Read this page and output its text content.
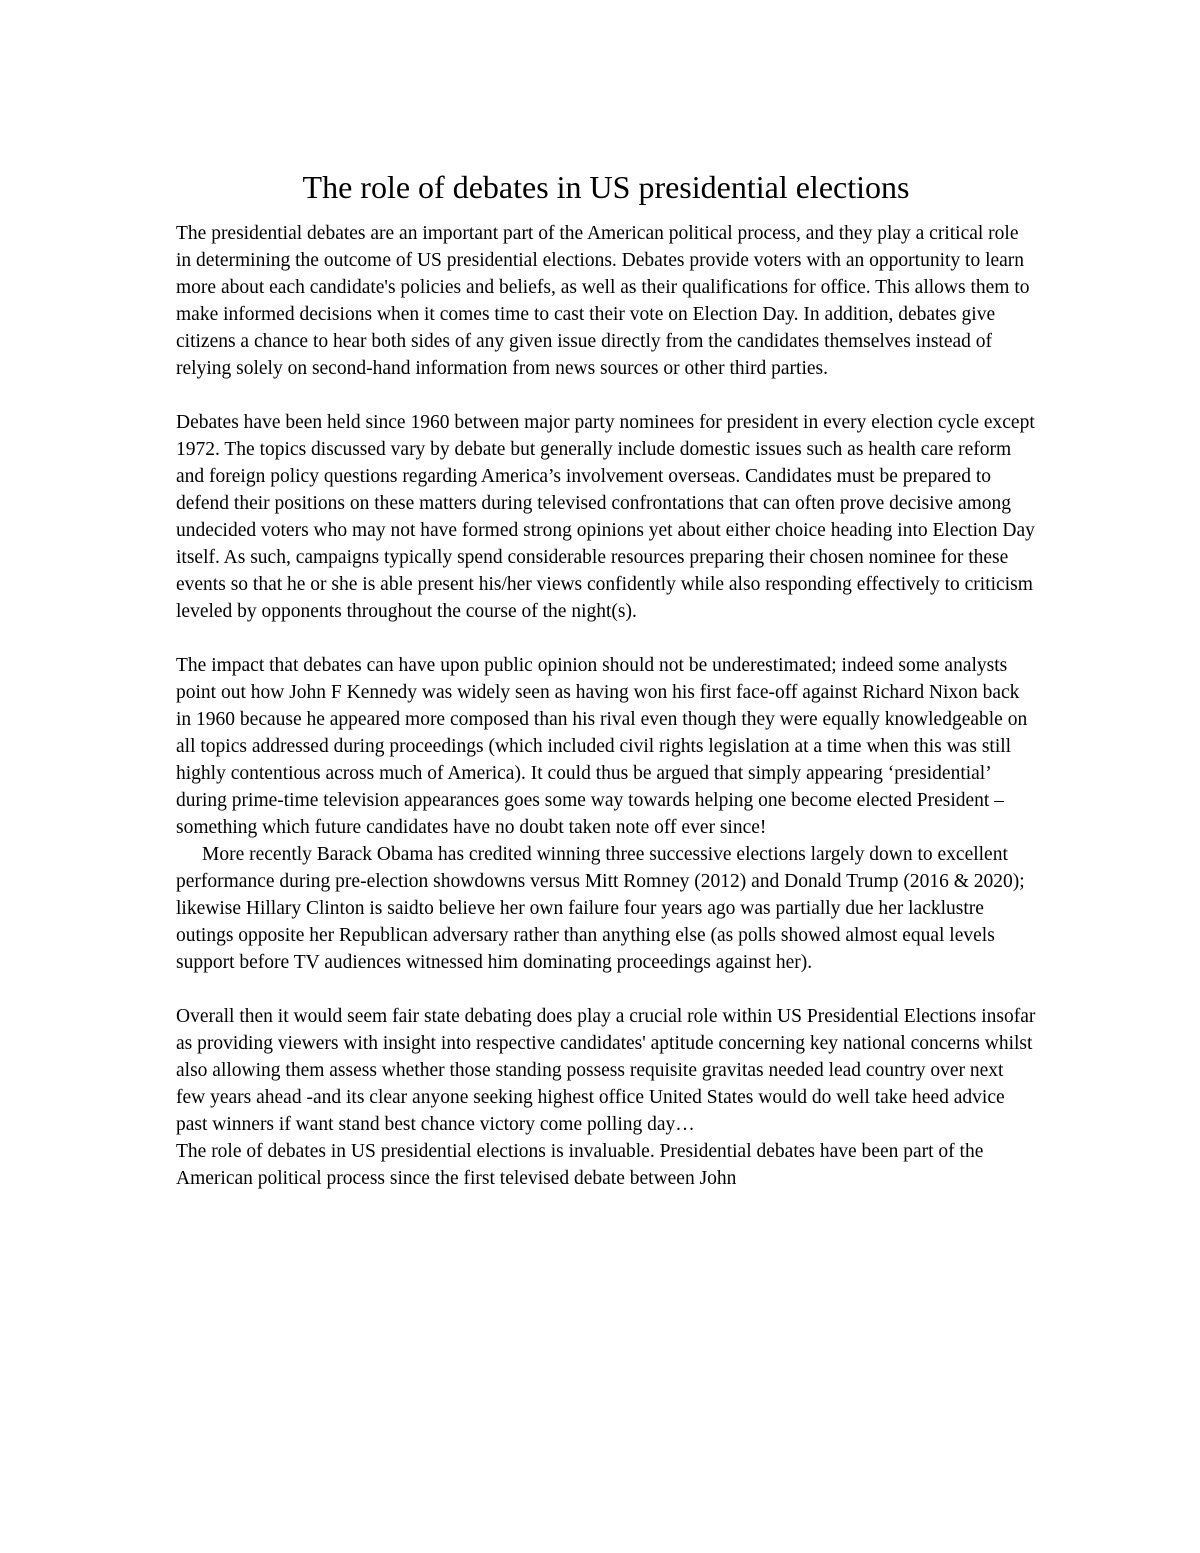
The role of debates in US presidential elections

The presidential debates are an important part of the American political process, and they play a critical role in determining the outcome of US presidential elections. Debates provide voters with an opportunity to learn more about each candidate's policies and beliefs, as well as their qualifications for office. This allows them to make informed decisions when it comes time to cast their vote on Election Day. In addition, debates give citizens a chance to hear both sides of any given issue directly from the candidates themselves instead of relying solely on second-hand information from news sources or other third parties.

Debates have been held since 1960 between major party nominees for president in every election cycle except 1972. The topics discussed vary by debate but generally include domestic issues such as health care reform and foreign policy questions regarding America’s involvement overseas. Candidates must be prepared to defend their positions on these matters during televised confrontations that can often prove decisive among undecided voters who may not have formed strong opinions yet about either choice heading into Election Day itself. As such, campaigns typically spend considerable resources preparing their chosen nominee for these events so that he or she is able present his/her views confidently while also responding effectively to criticism leveled by opponents throughout the course of the night(s).

The impact that debates can have upon public opinion should not be underestimated; indeed some analysts point out how John F Kennedy was widely seen as having won his first face-off against Richard Nixon back in 1960 because he appeared more composed than his rival even though they were equally knowledgeable on all topics addressed during proceedings (which included civil rights legislation at a time when this was still highly contentious across much of America). It could thus be argued that simply appearing ‘presidential’ during prime-time television appearances goes some way towards helping one become elected President – something which future candidates have no doubt taken note off ever since!

More recently Barack Obama has credited winning three successive elections largely down to excellent performance during pre-election showdowns versus Mitt Romney (2012) and Donald Trump (2016 & 2020); likewise Hillary Clinton is saidto believe her own failure four years ago was partially due her lacklustre outings opposite her Republican adversary rather than anything else (as polls showed almost equal levels support before TV audiences witnessed him dominating proceedings against her).

Overall then it would seem fair state debating does play a crucial role within US Presidential Elections insofar as providing viewers with insight into respective candidates' aptitude concerning key national concerns whilst also allowing them assess whether those standing possess requisite gravitas needed lead country over next few years ahead -and its clear anyone seeking highest office United States would do well take heed advice past winners if want stand best chance victory come polling day…

The role of debates in US presidential elections is invaluable. Presidential debates have been part of the American political process since the first televised debate between John
